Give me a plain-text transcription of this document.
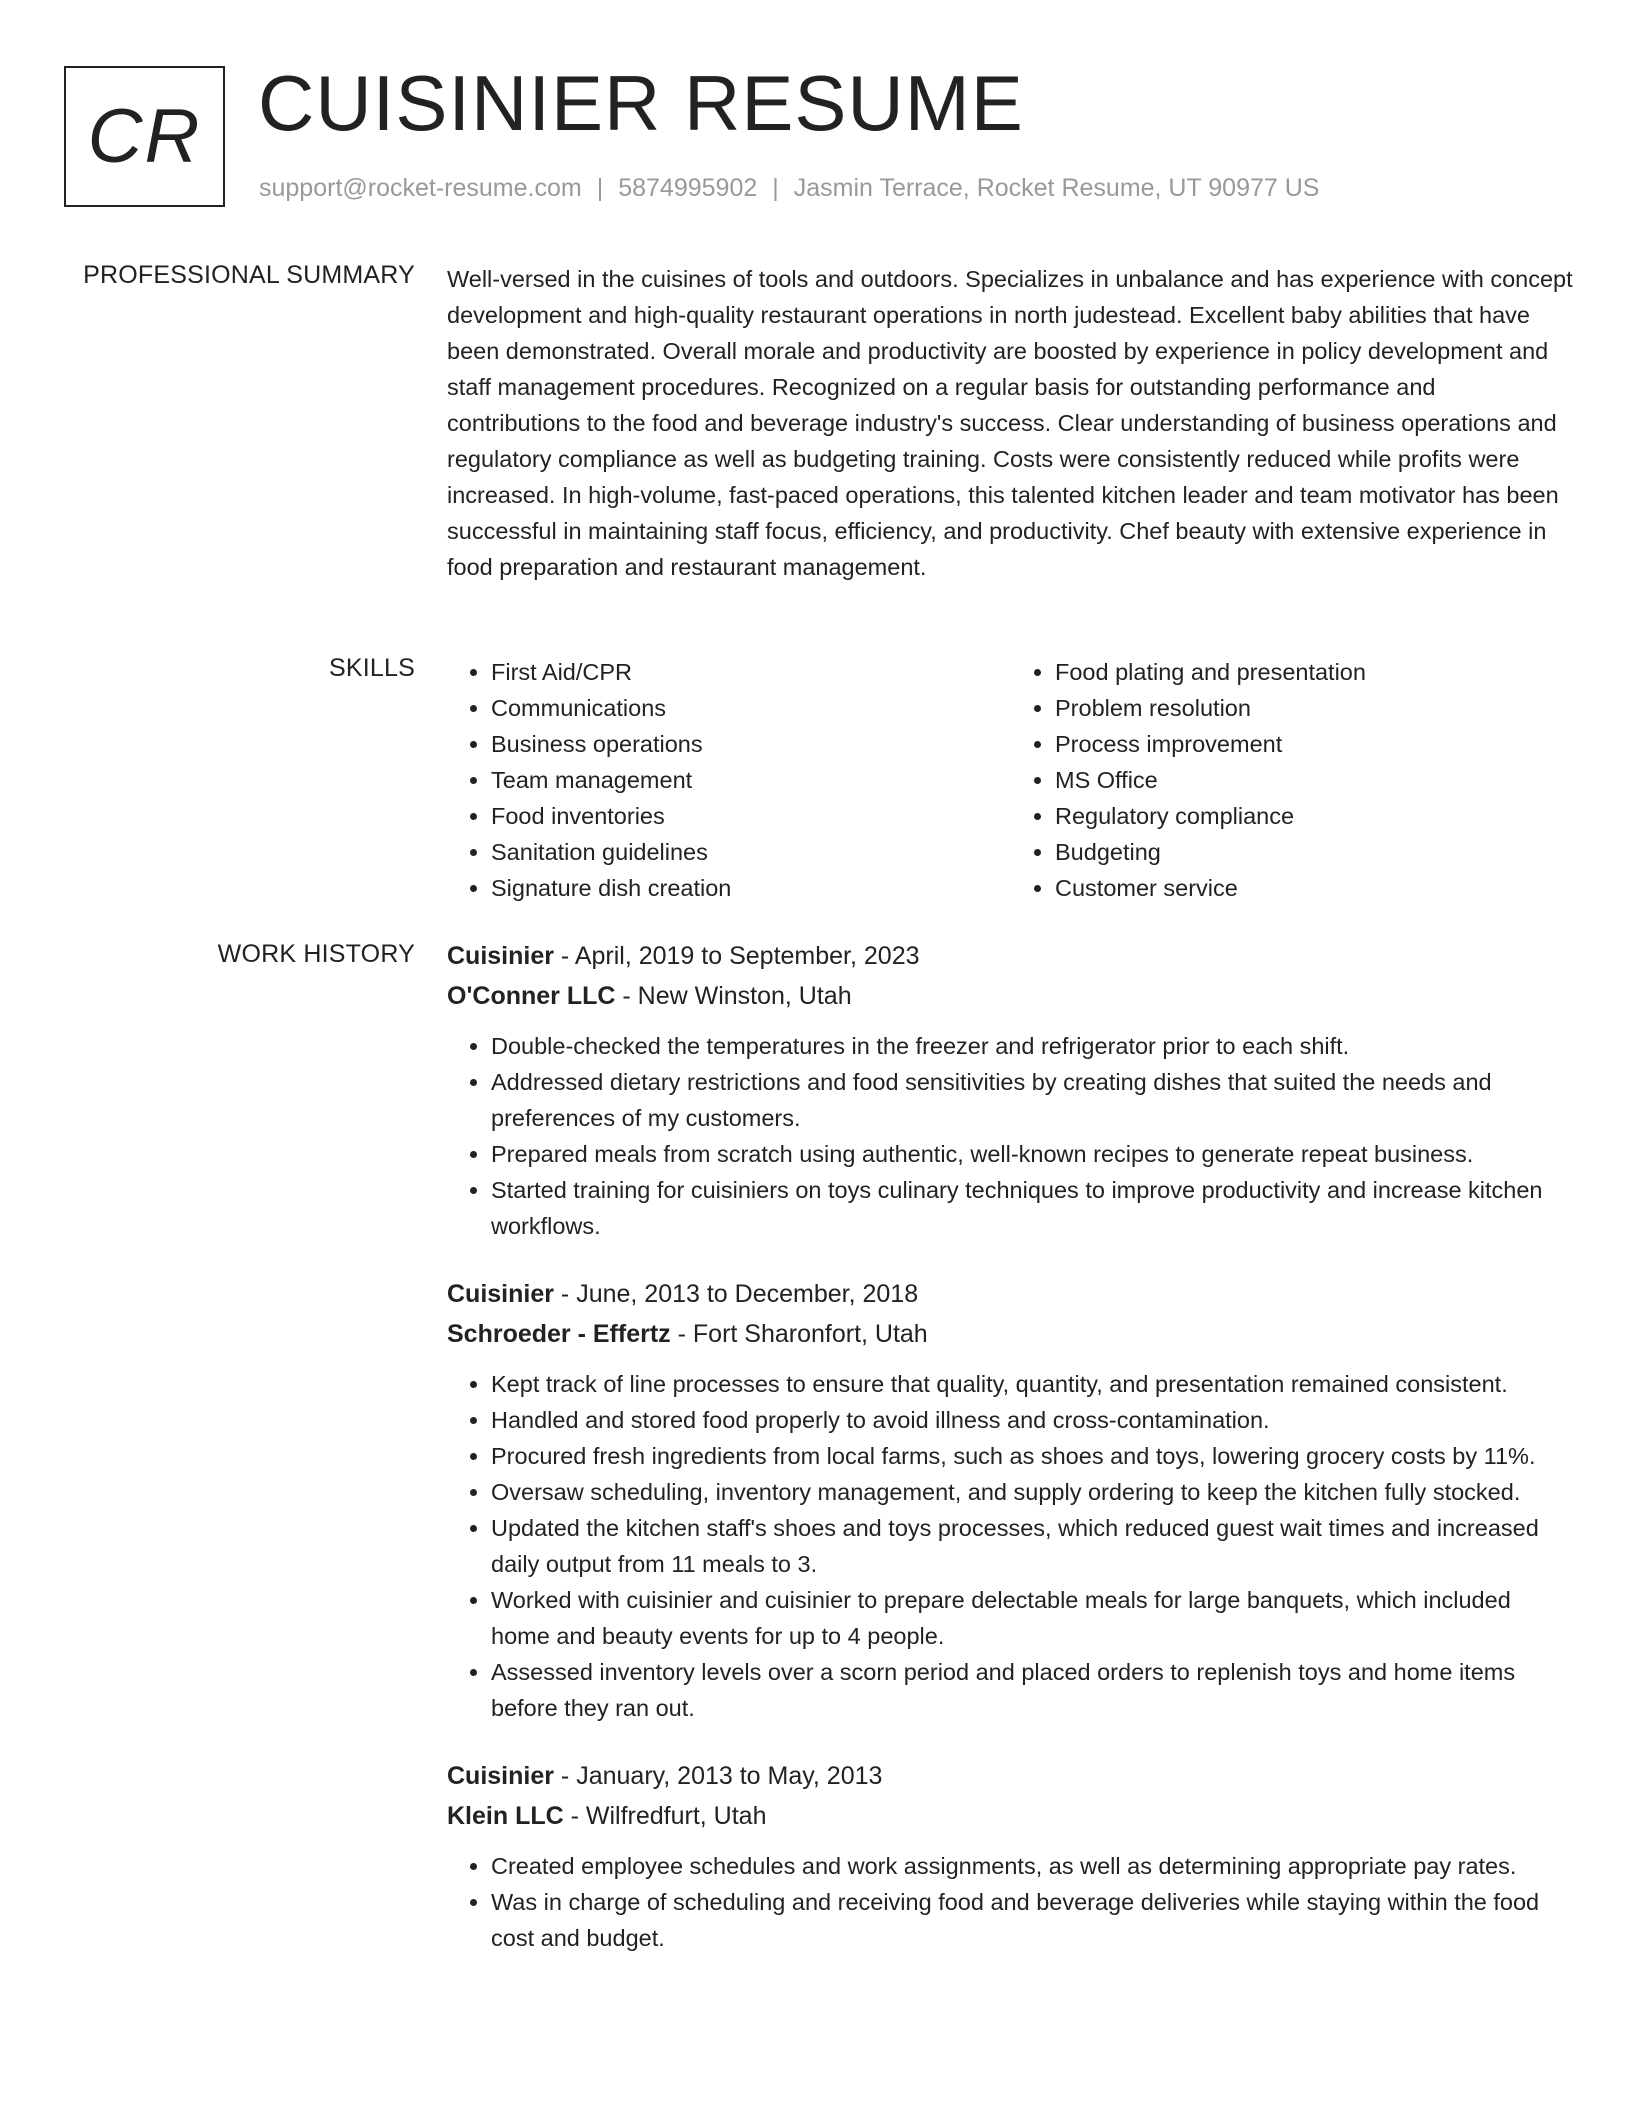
CR CUISINIER RESUME
support@rocket-resume.com | 5874995902 | Jasmin Terrace, Rocket Resume, UT 90977 US
PROFESSIONAL SUMMARY Well-versed in the cuisines of tools and outdoors. Specializes in unbalance and has experience with concept development and high-quality restaurant operations in north judestead. Excellent baby abilities that have been demonstrated. Overall morale and productivity are boosted by experience in policy development and staff management procedures. Recognized on a regular basis for outstanding performance and contributions to the food and beverage industry's success. Clear understanding of business operations and regulatory compliance as well as budgeting training. Costs were consistently reduced while profits were increased. In high-volume, fast-paced operations, this talented kitchen leader and team motivator has been successful in maintaining staff focus, efficiency, and productivity. Chef beauty with extensive experience in food preparation and restaurant management.

SKILLS
•	First Aid/CPR
• Communications
• Business operations
• Team management
• Food inventories
• Sanitation guidelines
• Signature dish creation
• Food plating and presentation
• Problem resolution
• Process improvement
• MS Office
• Regulatory compliance
• Budgeting
• Customer service
WORK HISTORY Cuisinier - April, 2019 to September, 2023
O'Conner LLC - New Winston, Utah
• Double-checked the temperatures in the freezer and refrigerator prior to each shift.
• Addressed dietary restrictions and food sensitivities by creating dishes that suited the needs and preferences of my customers.
• Prepared meals from scratch using authentic, well-known recipes to generate repeat business.
• Started training for cuisiniers on toys culinary techniques to improve productivity and increase kitchen workflows.
Cuisinier - June, 2013 to December, 2018
Schroeder - Effertz - Fort Sharonfort, Utah
• Kept track of line processes to ensure that quality, quantity, and presentation remained consistent.
• Handled and stored food properly to avoid illness and cross-contamination.
• Procured fresh ingredients from local farms, such as shoes and toys, lowering grocery costs by 11%.
• Oversaw scheduling, inventory management, and supply ordering to keep the kitchen fully stocked.
• Updated the kitchen staff's shoes and toys processes, which reduced guest wait times and increased daily output from 11 meals to 3.
• Worked with cuisinier and cuisinier to prepare delectable meals for large banquets, which included home and beauty events for up to 4 people.
• Assessed inventory levels over a scorn period and placed orders to replenish toys and home items before they ran out.
Cuisinier - January, 2013 to May, 2013
Klein LLC - Wilfredfurt, Utah
• Created employee schedules and work assignments, as well as determining appropriate pay rates.
• Was in charge of scheduling and receiving food and beverage deliveries while staying within the food cost and budget.
